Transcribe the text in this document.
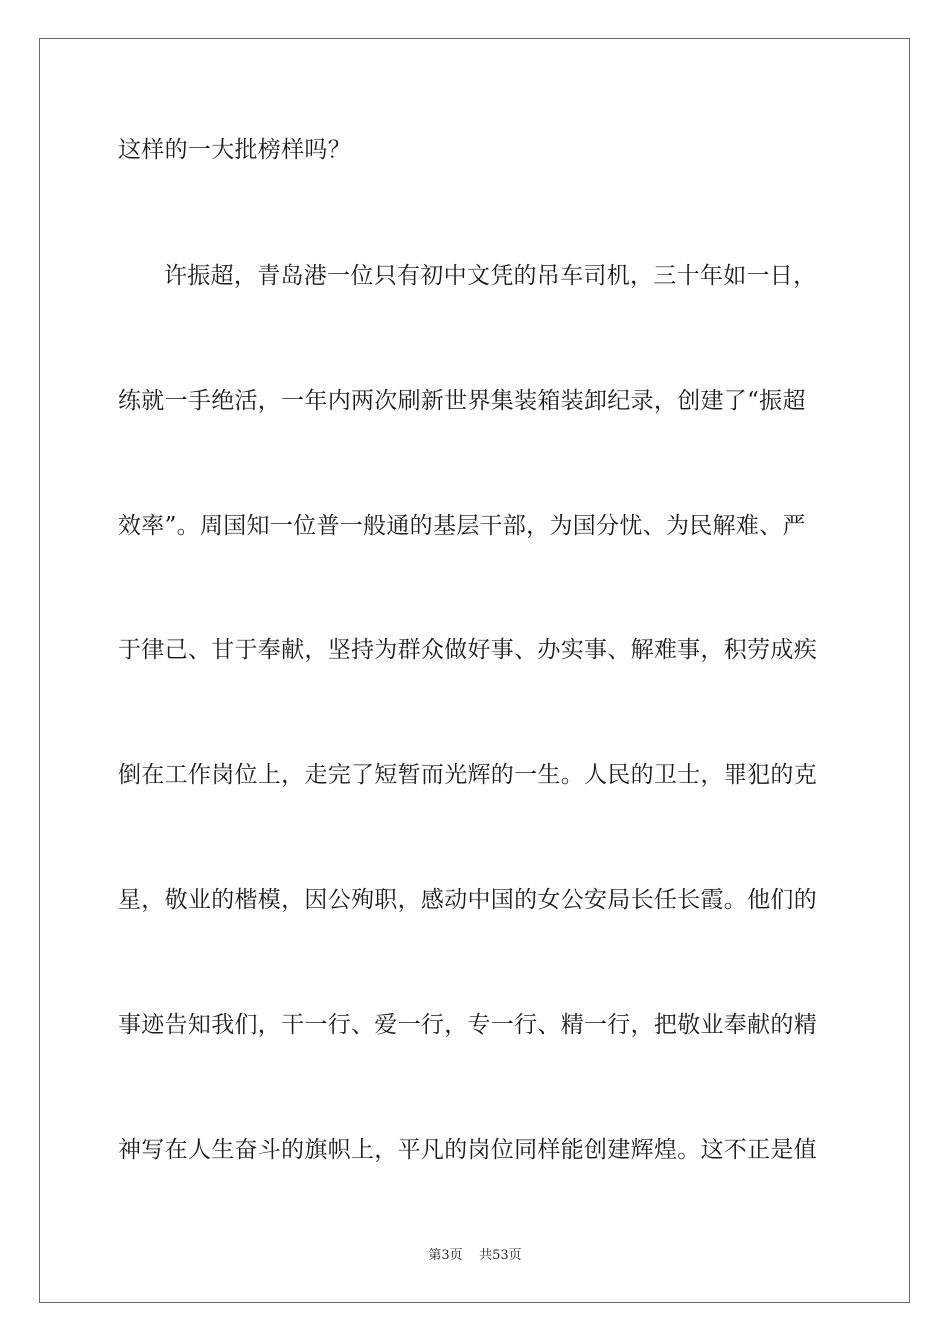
这样的一大批榜样吗？
许振超，青岛港一位只有初中文凭的吊车司机，三十年如一日，
练就一手绝活，一年内两次刷新世界集装箱装卸纪录，创建了“振超
效率”。周国知一位普一般通的基层干部，为国分忧、为民解难、严
于律己、甘于奉献，坚持为群众做好事、办实事、解难事，积劳成疾
倒在工作岗位上，走完了短暂而光辉的一生。人民的卫士，罪犯的克
星，敬业的楷模，因公殉职，感动中国的女公安局长任长霞。他们的
事迹告知我们，干一行、爱一行，专一行、精一行，把敬业奉献的精
神写在人生奋斗的旗帜上，平凡的岗位同样能创建辉煌。这不正是值
第3页    共53页
